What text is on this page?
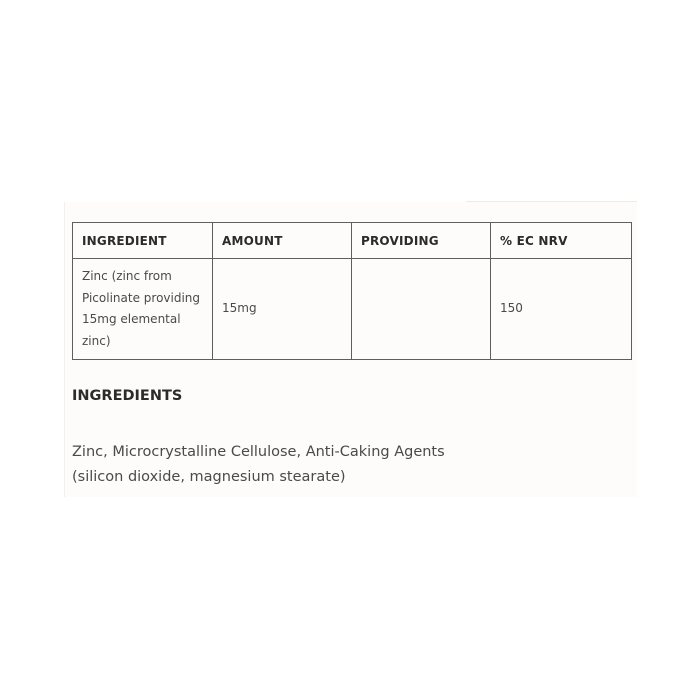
INGREDIENT	AMOUNT	PROVIDING	% EC NRV
Zinc (zinc from Picolinate providing 15mg elemental zinc)	15mg		150
INGREDIENTS

Zinc, Microcrystalline Cellulose, Anti-Caking Agents (silicon dioxide, magnesium stearate)
